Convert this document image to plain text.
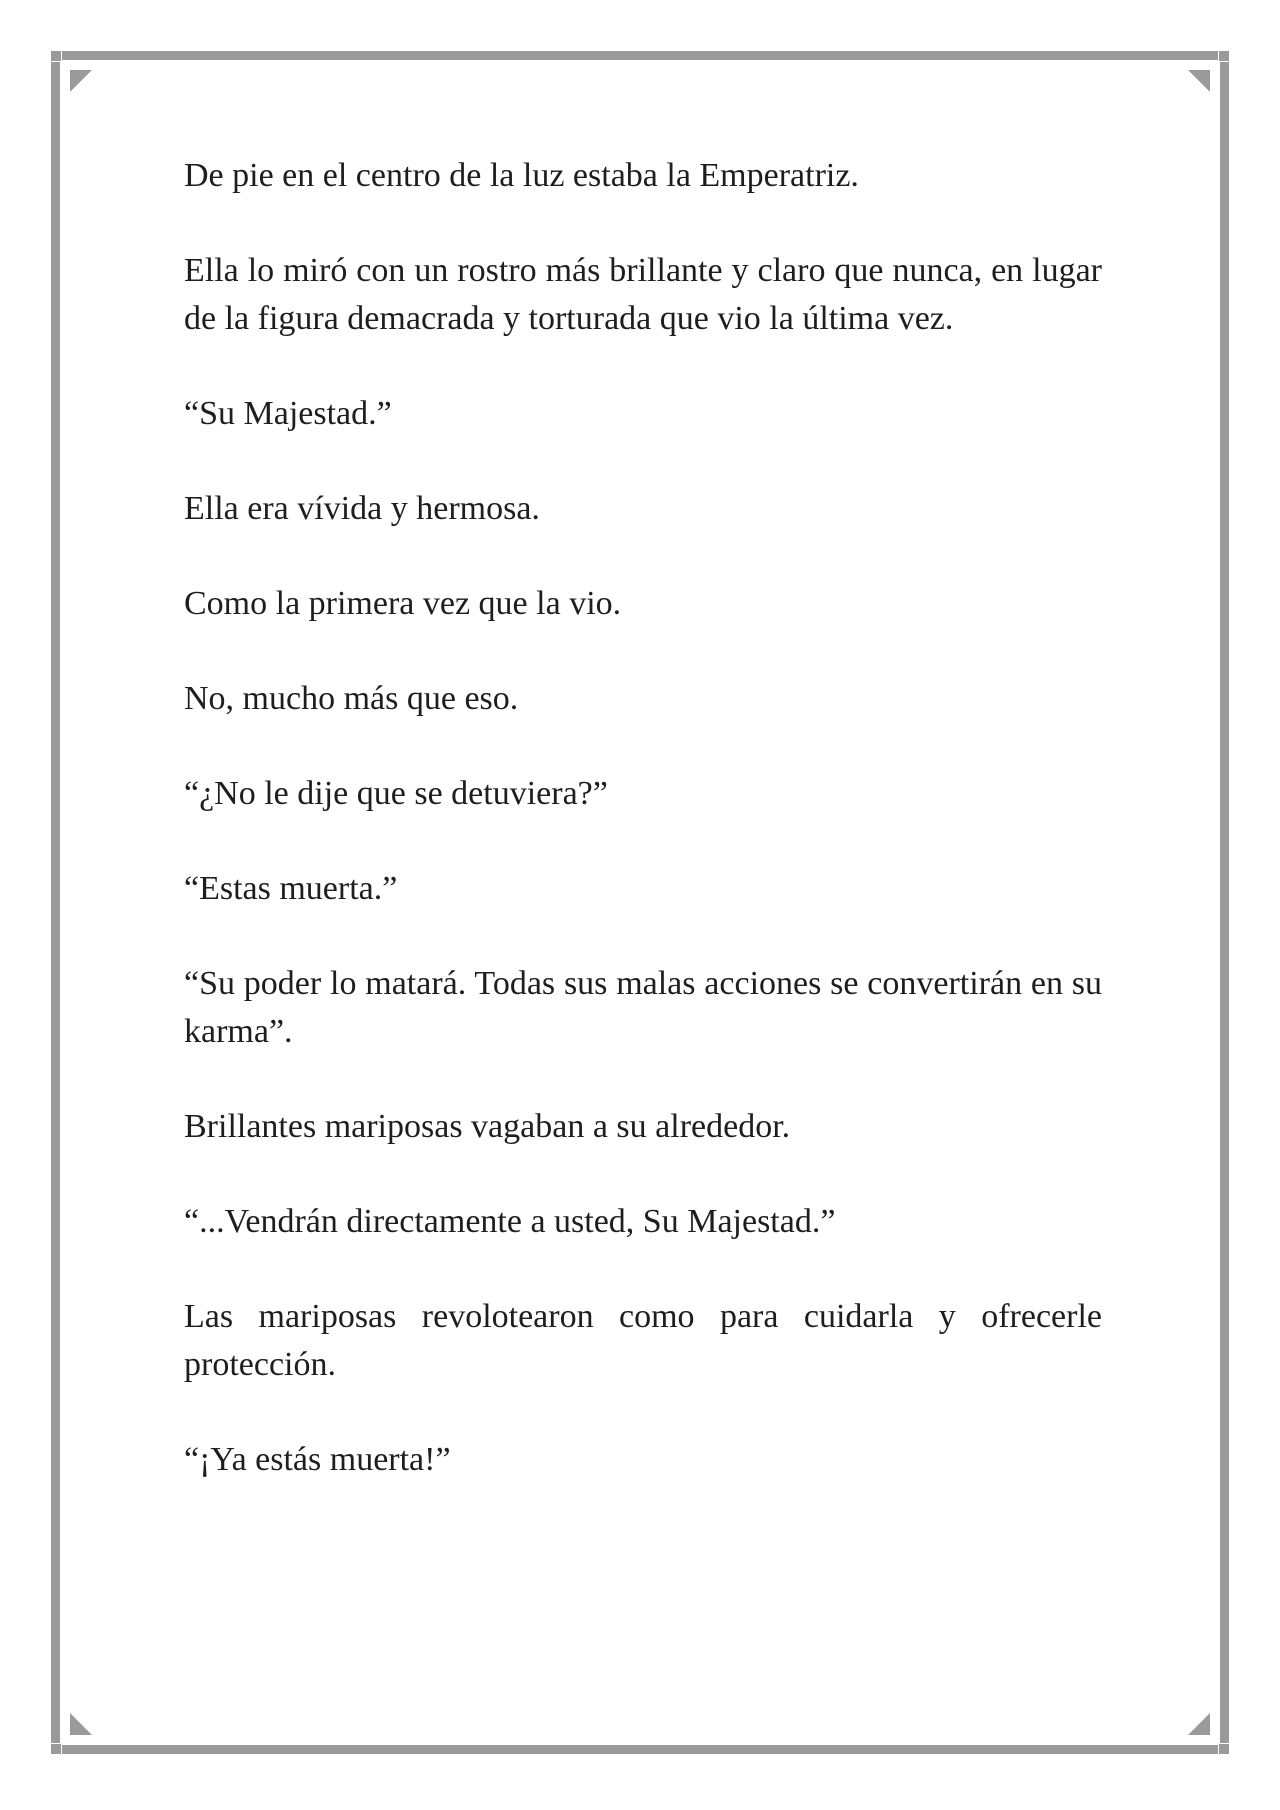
De pie en el centro de la luz estaba la Emperatriz.

Ella lo miró con un rostro más brillante y claro que nunca, en lugar de la figura demacrada y torturada que vio la última vez.

“Su Majestad.”

Ella era vívida y hermosa.

Como la primera vez que la vio.

No, mucho más que eso.

“¿No le dije que se detuviera?”

“Estas muerta.”

“Su poder lo matará. Todas sus malas acciones se convertirán en su karma”.

Brillantes mariposas vagaban a su alrededor.

“...Vendrán directamente a usted, Su Majestad.”

Las mariposas revolotearon como para cuidarla y ofrecerle protección.

“¡Ya estás muerta!”
